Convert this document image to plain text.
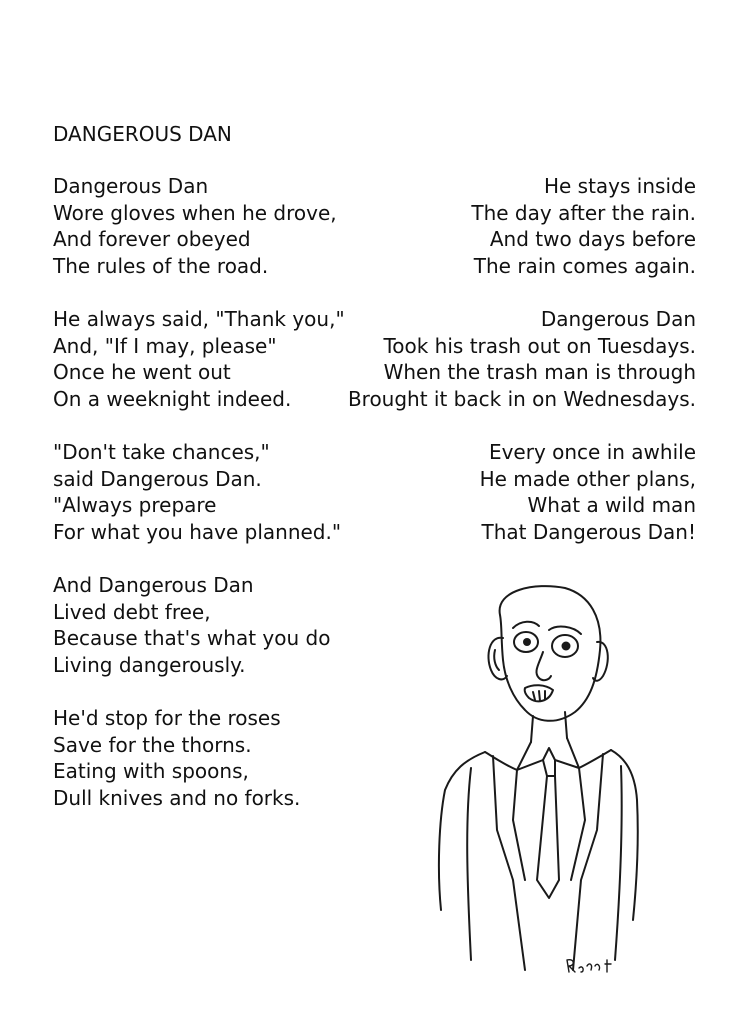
DANGEROUS DAN
Dangerous Dan
Wore gloves when he drove,
And forever obeyed
The rules of the road.
He always said, "Thank you,"
And, "If I may, please"
Once he went out
On a weeknight indeed.
"Don't take chances,"
said Dangerous Dan.
"Always prepare
For what you have planned."
And Dangerous Dan
Lived debt free,
Because that's what you do
Living dangerously.
He'd stop for the roses
Save for the thorns.
Eating with spoons,
Dull knives and no forks.
He stays inside
The day after the rain.
And two days before
The rain comes again.
Dangerous Dan
Took his trash out on Tuesdays.
When the trash man is through
Brought it back in on Wednesdays.
Every once in awhile
He made other plans,
What a wild man
That Dangerous Dan!
